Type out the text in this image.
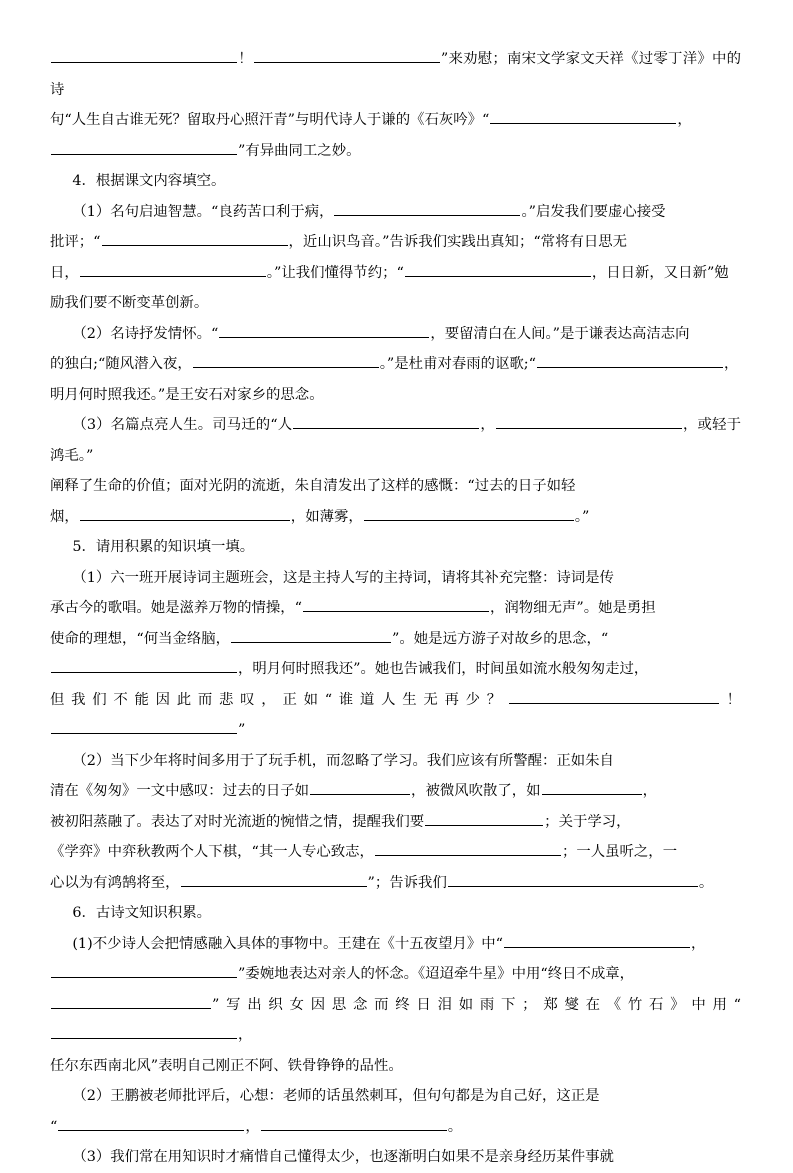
！	”来劝慰；南宋文学家文天祥《过零丁洋》中的诗

句“人生自古谁无死？留取丹心照汗青”与明代诗人于谦的《石灰吟》“	，

”有异曲同工之妙。

4．根据课文内容填空。

（1）名句启迪智慧。“良药苦口利于病，	。”启发我们要虚心接受

批评；“	，近山识鸟音。”告诉我们实践出真知；“常将有日思无

日，	。”让我们懂得节约；“	，日日新，又日新”勉

励我们要不断变革创新。

（2）名诗抒发情怀。“	，要留清白在人间。”是于谦表达高洁志向

的独白;“随风潜入夜，	。”是杜甫对春雨的讴歌;“	，

明月何时照我还。”是王安石对家乡的思念。

（3）名篇点亮人生。司马迁的“人	，	，或轻于鸿毛。”

阐释了生命的价值；面对光阴的流逝，朱自清发出了这样的感慨：“过去的日子如轻

烟，	，如薄雾，	。”

5．请用积累的知识填一填。

（1）六一班开展诗词主题班会，这是主持人写的主持词，请将其补充完整：诗词是传

承古今的歌唱。她是滋养万物的情操，“	，润物细无声”。她是勇担

使命的理想，“何当金络脑，	”。她是远方游子对故乡的思念，“

，明月何时照我还”。她也告诫我们，时间虽如流水般匆匆走过，

但我们不能因此而悲叹，正如“谁道人生无再少？	！”

（2）当下少年将时间多用于了玩手机，而忽略了学习。我们应该有所警醒：正如朱自

清在《匆匆》一文中感叹：过去的日子如	，被微风吹散了，如	，

被初阳蒸融了。表达了对时光流逝的惋惜之情，提醒我们要	；关于学习，

《学弈》中弈秋教两个人下棋，“其一人专心致志，	；一人虽听之，一

心以为有鸿鹄将至，	”；告诉我们	。

6．古诗文知识积累。

(1)不少诗人会把情感融入具体的事物中。王建在《十五夜望月》中“	，

”委婉地表达对亲人的怀念。《迢迢牵牛星》中用“终日不成章，

”写出织女因思念而终日泪如雨下；郑燮在《竹石》中用“，

任尔东西南北风”表明自己刚正不阿、铁骨铮铮的品性。

（2）王鹏被老师批评后，心想：老师的话虽然刺耳，但句句都是为自己好，这正是

“	，	。

（3）我们常在用知识时才痛惜自己懂得太少，也逐渐明白如果不是亲身经历某件事就
